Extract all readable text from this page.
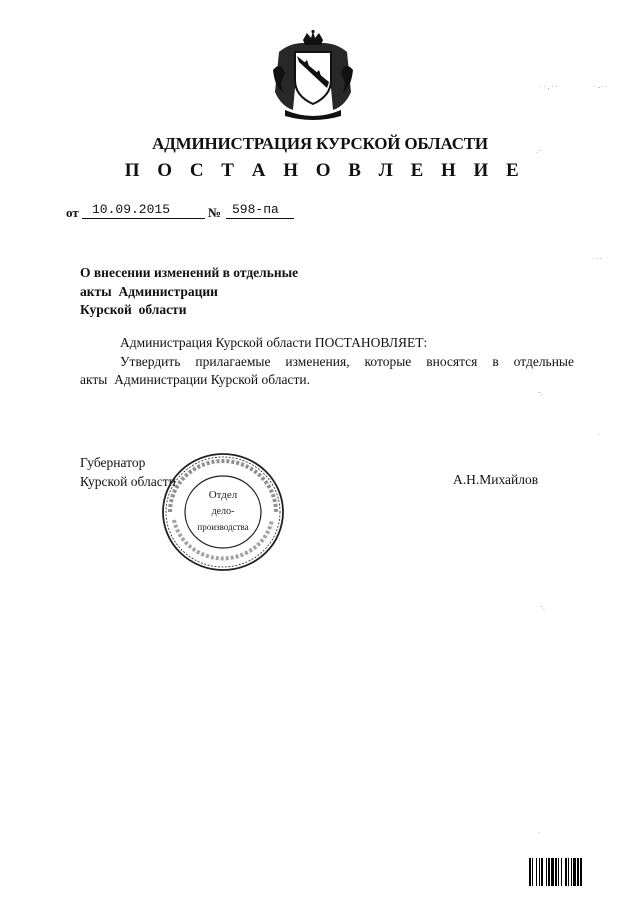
АДМИНИСТРАЦИЯ КУРСКОЙ ОБЛАСТИ
П О С Т А Н О В Л Е Н И Е
от 10.09.2015	№ 598-па
О внесении изменений в отдельные
акты  Администрации
Курской  области

Администрация Курской области ПОСТАНОВЛЯЕТ:

Утвердить прилагаемые изменения, которые вносятся в отдельные

акты  Администрации Курской области.

Губернатор
Курской области	А.Н.Михайлов
Отдел
дело-
производства
· · ‚ · ·	· - · ·
·ˉ
· · ·
ˉ·
·
ˉ·
·
